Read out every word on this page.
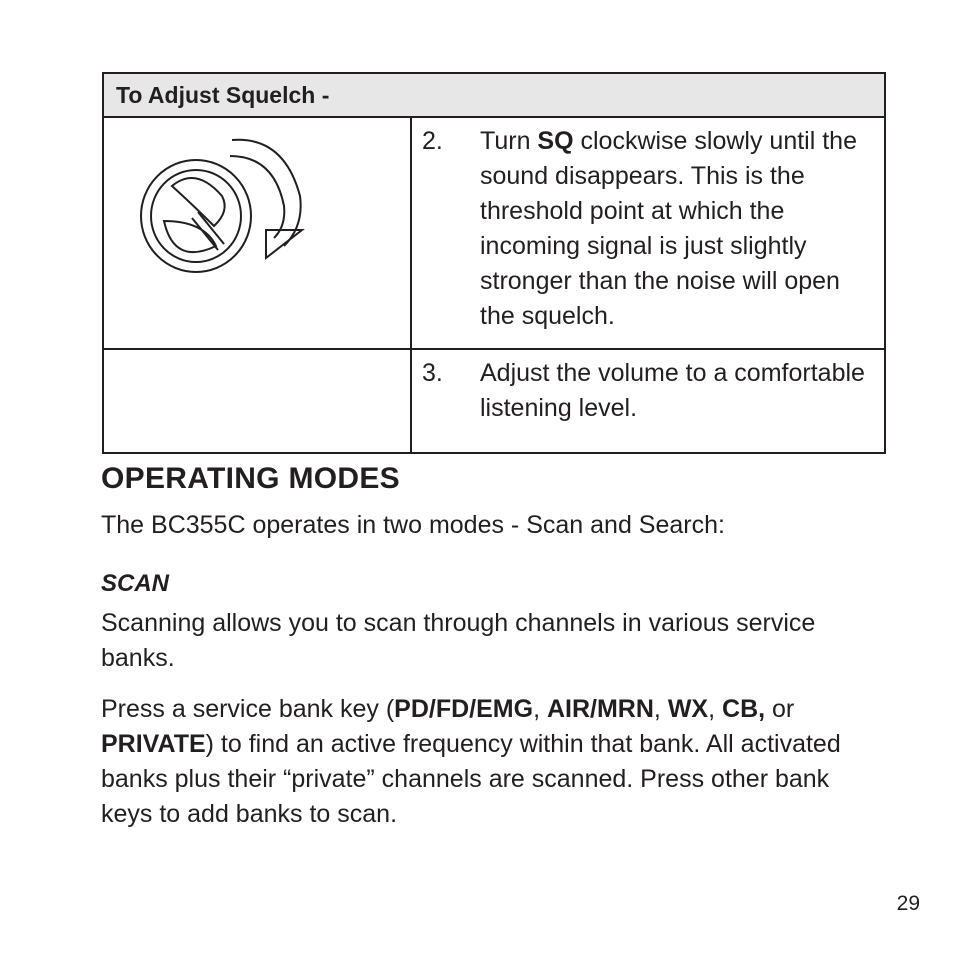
To Adjust Squelch -	

2. Turn SQ clockwise slowly until the sound disappears. This is the threshold point at which the incoming signal is just slightly stronger than the noise will open the squelch.

	3. Adjust the volume to a comfortable listening level.
OPERATING MODES

The BC355C operates in two modes - Scan and Search:

SCAN

Scanning allows you to scan through channels in various service banks.

Press a service bank key (PD/FD/EMG, AIR/MRN, WX, CB, or PRIVATE) to find an active frequency within that bank. All activated banks plus their “private” channels are scanned. Press other bank keys to add banks to scan.

29
